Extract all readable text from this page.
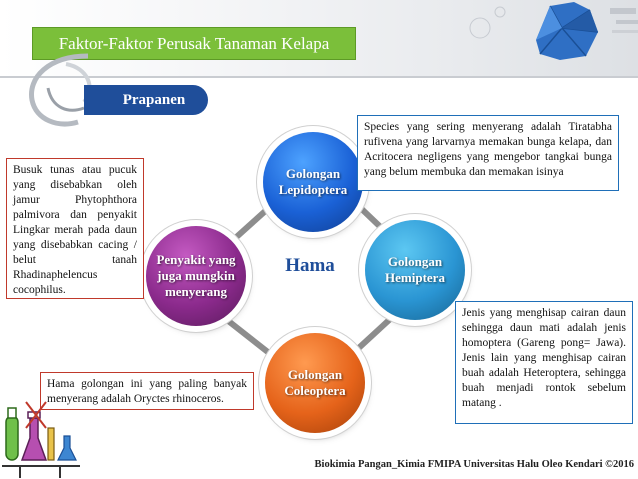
Faktor-Faktor Perusak Tanaman Kelapa
Prapanen
Golongan Lepidoptera
Golongan Hemiptera
Golongan Coleoptera
Penyakit yang juga mungkin menyerang
Hama
Species yang sering menyerang adalah Tiratabha rufivena yang larvarnya memakan bunga kelapa, dan Acritocera negligens yang mengebor tangkai bunga yang belum membuka dan memakan isinya
Busuk tunas atau pucuk yang disebabkan oleh jamur Phytophthora palmivora dan penyakit Lingkar merah pada daun yang disebabkan cacing / belut tanah Rhadinaphelencus cocophilus.
Jenis yang menghisap cairan daun sehingga daun mati adalah jenis homoptera (Gareng pong= Jawa). Jenis lain yang menghisap cairan buah adalah Heteroptera, sehingga buah menjadi rontok sebelum matang .
Hama golongan ini yang paling banyak menyerang adalah Oryctes rhinoceros.
Biokimia Pangan_Kimia FMIPA Universitas Halu Oleo Kendari ©2016
